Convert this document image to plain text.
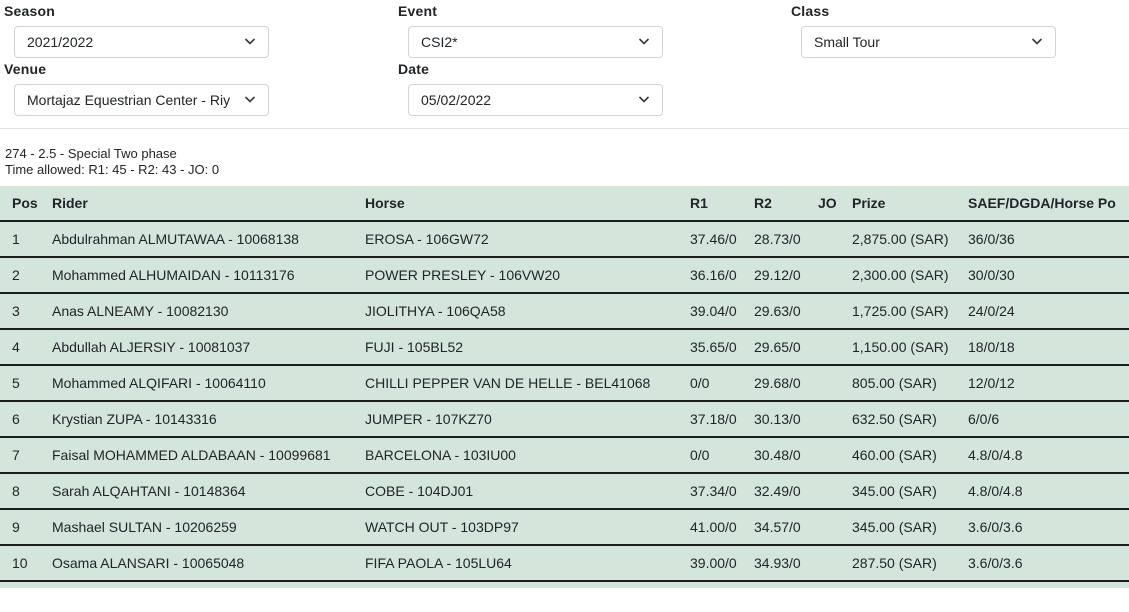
Season
2021/2022
Event
CSI2*
Class
Small Tour
Venue
Mortajaz Equestrian Center - Riy
Date
05/02/2022
274 - 2.5 - Special Two phase
Time allowed: R1: 45 - R2: 43 - JO: 0
Pos	Rider	Horse	R1	R2	JO	Prize	SAEF/DGDA/Horse Po
1	Abdulrahman ALMUTAWAA - 10068138	EROSA - 106GW72	37.46/0	28.73/0		2,875.00 (SAR)	36/0/36
2	Mohammed ALHUMAIDAN - 10113176	POWER PRESLEY - 106VW20	36.16/0	29.12/0		2,300.00 (SAR)	30/0/30
3	Anas ALNEAMY - 10082130	JIOLITHYA - 106QA58	39.04/0	29.63/0		1,725.00 (SAR)	24/0/24
4	Abdullah ALJERSIY - 10081037	FUJI - 105BL52	35.65/0	29.65/0		1,150.00 (SAR)	18/0/18
5	Mohammed ALQIFARI - 10064110	CHILLI PEPPER VAN DE HELLE - BEL41068	0/0	29.68/0		805.00 (SAR)	12/0/12
6	Krystian ZUPA - 10143316	JUMPER - 107KZ70	37.18/0	30.13/0		632.50 (SAR)	6/0/6
7	Faisal MOHAMMED ALDABAAN - 10099681	BARCELONA - 103IU00	0/0	30.48/0		460.00 (SAR)	4.8/0/4.8
8	Sarah ALQAHTANI - 10148364	COBE - 104DJ01	37.34/0	32.49/0		345.00 (SAR)	4.8/0/4.8
9	Mashael SULTAN - 10206259	WATCH OUT - 103DP97	41.00/0	34.57/0		345.00 (SAR)	3.6/0/3.6
10	Osama ALANSARI - 10065048	FIFA PAOLA - 105LU64	39.00/0	34.93/0		287.50 (SAR)	3.6/0/3.6
